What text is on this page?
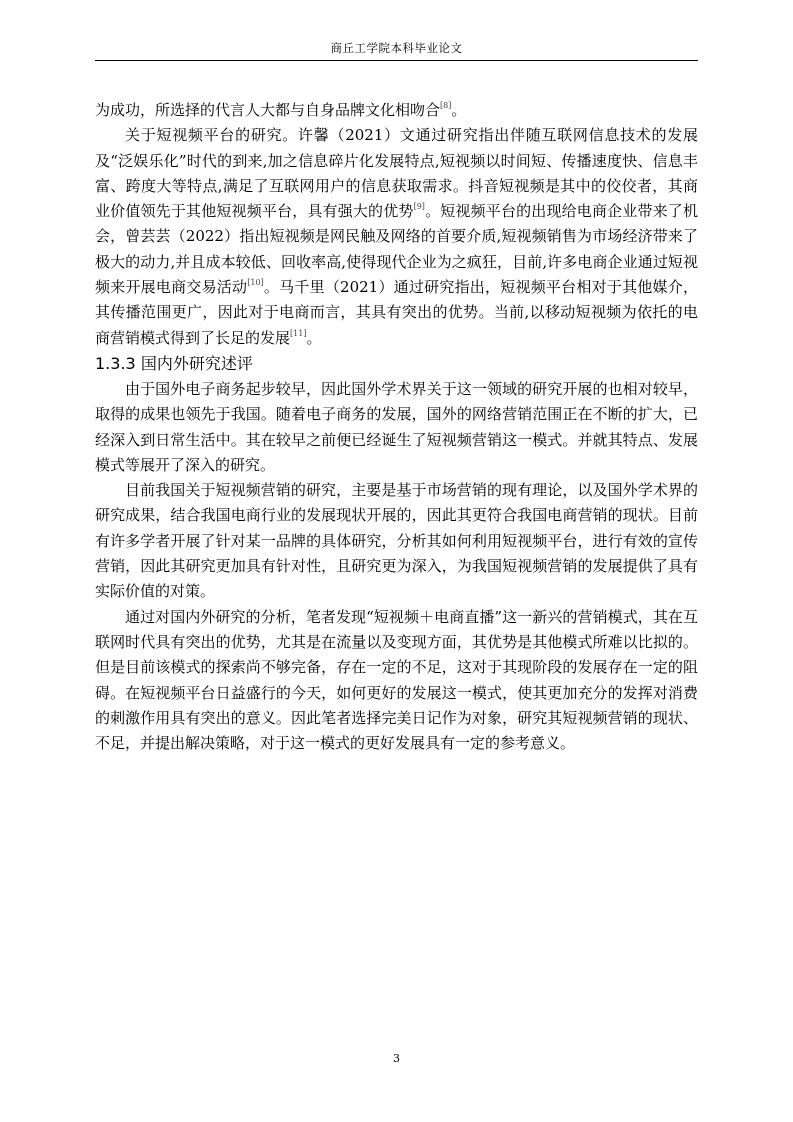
商丘工学院本科毕业论文

为成功，所选择的代言人大都与自身品牌文化相吻合[8]。

关于短视频平台的研究。许馨（2021）文通过研究指出伴随互联网信息技术的发展及“泛娱乐化”时代的到来,加之信息碎片化发展特点,短视频以时间短、传播速度快、信息丰富、跨度大等特点,满足了互联网用户的信息获取需求。抖音短视频是其中的佼佼者，其商业价值领先于其他短视频平台，具有强大的优势[9]。短视频平台的出现给电商企业带来了机会，曾芸芸（2022）指出短视频是网民触及网络的首要介质,短视频销售为市场经济带来了极大的动力,并且成本较低、回收率高,使得现代企业为之疯狂，目前,许多电商企业通过短视频来开展电商交易活动[10]。马千里（2021）通过研究指出，短视频平台相对于其他媒介，其传播范围更广，因此对于电商而言，其具有突出的优势。当前,以移动短视频为依托的电商营销模式得到了长足的发展[11]。

1.3.3 国内外研究述评

由于国外电子商务起步较早，因此国外学术界关于这一领域的研究开展的也相对较早，取得的成果也领先于我国。随着电子商务的发展，国外的网络营销范围正在不断的扩大，已经深入到日常生活中。其在较早之前便已经诞生了短视频营销这一模式。并就其特点、发展模式等展开了深入的研究。

目前我国关于短视频营销的研究，主要是基于市场营销的现有理论，以及国外学术界的研究成果，结合我国电商行业的发展现状开展的，因此其更符合我国电商营销的现状。目前有许多学者开展了针对某一品牌的具体研究，分析其如何利用短视频平台，进行有效的宣传营销，因此其研究更加具有针对性，且研究更为深入，为我国短视频营销的发展提供了具有实际价值的对策。

通过对国内外研究的分析，笔者发现“短视频＋电商直播”这一新兴的营销模式，其在互联网时代具有突出的优势，尤其是在流量以及变现方面，其优势是其他模式所难以比拟的。但是目前该模式的探索尚不够完备，存在一定的不足，这对于其现阶段的发展存在一定的阻碍。在短视频平台日益盛行的今天，如何更好的发展这一模式，使其更加充分的发挥对消费的刺激作用具有突出的意义。因此笔者选择完美日记作为对象，研究其短视频营销的现状、不足，并提出解决策略，对于这一模式的更好发展具有一定的参考意义。

3
